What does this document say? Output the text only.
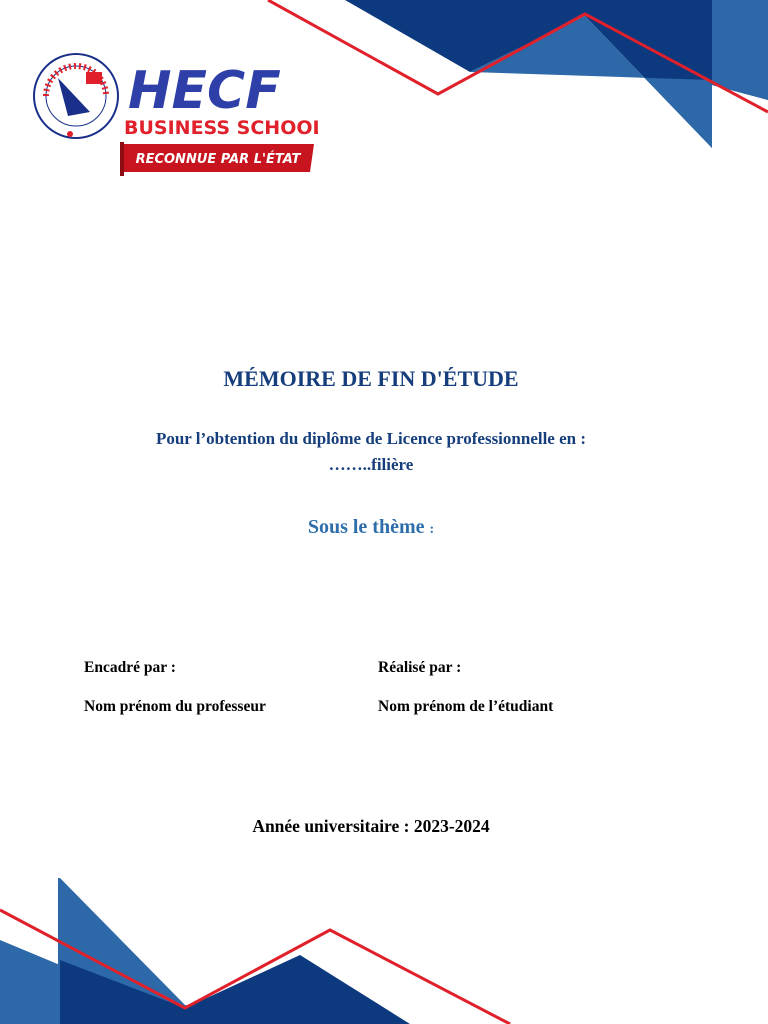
HECF
BUSINESS SCHOOL
RECONNUE PAR L'ÉTAT
MÉMOIRE DE FIN D'ÉTUDE
Pour l’obtention du diplôme de Licence professionnelle en :
……..filière
Sous le thème :
Encadré par :
Nom prénom du professeur
Réalisé par :
Nom prénom de l’étudiant
Année universitaire : 2023-2024
